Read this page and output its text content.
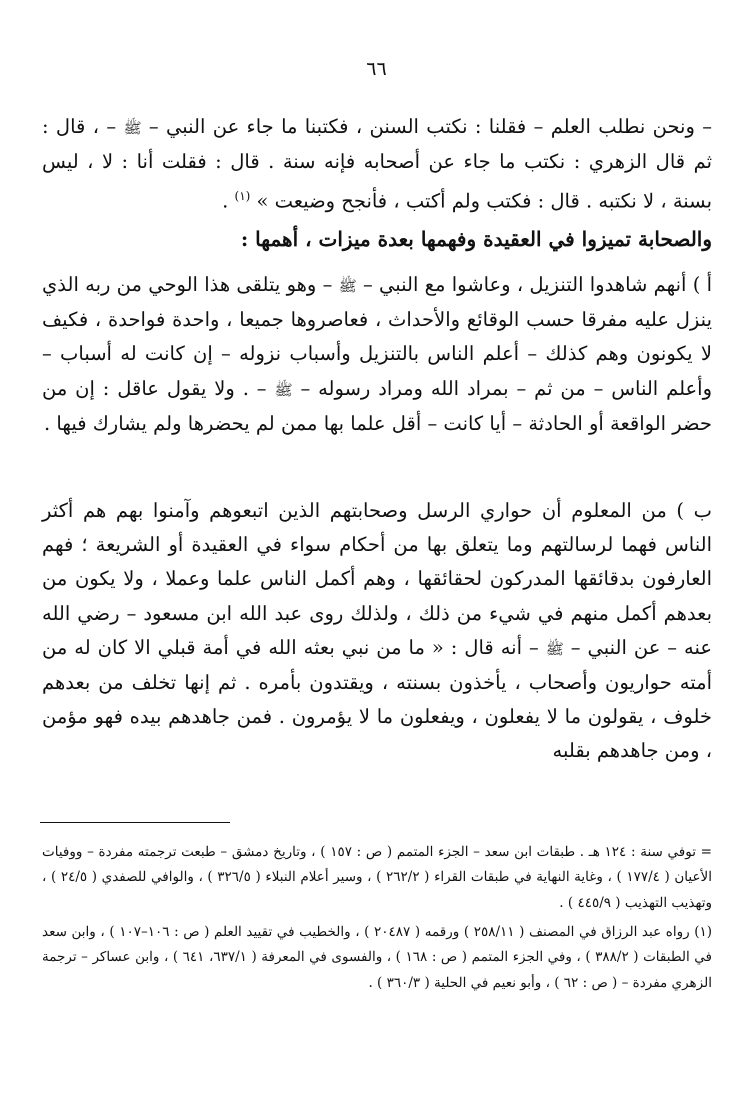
٦٦
– ونحن نطلب العلم – فقلنا : نكتب السنن ، فكتبنا ما جاء عن النبي – ﷺ – ، قال : ثم قال الزهري : نكتب ما جاء عن أصحابه فإنه سنة . قال : فقلت أنا : لا ، ليس بسنة ، لا نكتبه . قال : فكتب ولم أكتب ، فأنجح وضيعت » $^{(١)}$ .
والصحابة تميزوا في العقيدة وفهمها بعدة ميزات ، أهمها :
أ ) أنهم شاهدوا التنزيل ، وعاشوا مع النبي – ﷺ – وهو يتلقى هذا الوحي من ربه الذي ينزل عليه مفرقا حسب الوقائع والأحداث ، فعاصروها جميعا ، واحدة فواحدة ، فكيف لا يكونون وهم كذلك – أعلم الناس بالتنزيل وأسباب نزوله – إن كانت له أسباب – وأعلم الناس – من ثم – بمراد الله ومراد رسوله – ﷺ – . ولا يقول عاقل : إن من حضر الواقعة أو الحادثة – أيا كانت – أقل علما بها ممن لم يحضرها ولم يشارك فيها .
ب ) من المعلوم أن حواري الرسل وصحابتهم الذين اتبعوهم وآمنوا بهم هم أكثر الناس فهما لرسالتهم وما يتعلق بها من أحكام سواء في العقيدة أو الشريعة ؛ فهم العارفون بدقائقها المدركون لحقائقها ، وهم أكمل الناس علما وعملا ، ولا يكون من بعدهم أكمل منهم في شيء من ذلك ، ولذلك روى عبد الله ابن مسعود – رضي الله عنه – عن النبي – ﷺ – أنه قال : « ما من نبي بعثه الله في أمة قبلي الا كان له من أمته حواريون وأصحاب ، يأخذون بسنته ، ويقتدون بأمره . ثم إنها تخلف من بعدهم خلوف ، يقولون ما لا يفعلون ، ويفعلون ما لا يؤمرون . فمن جاهدهم بيده فهو مؤمن ، ومن جاهدهم بقلبه
= توفي سنة : ١٢٤ هـ . طبقات ابن سعد – الجزء المتمم ( ص : ١٥٧ ) ، وتاريخ دمشق – طبعت ترجمته مفردة – ووفيات الأعيان ( ١٧٧/٤ ) ، وغاية النهاية في طبقات القراء ( ٢٦٢/٢ ) ، وسير أعلام النبلاء ( ٣٢٦/٥ ) ، والوافي للصفدي ( ٢٤/٥ ) ، وتهذيب التهذيب ( ٤٤٥/٩ ) .
(١) رواه عبد الرزاق في المصنف ( ٢٥٨/١١ ) ورقمه ( ٢٠٤٨٧ ) ، والخطيب في تقييد العلم ( ص : ١٠٦–١٠٧ ) ، وابن سعد في الطبقات ( ٣٨٨/٢ ) ، وفي الجزء المتمم ( ص : ١٦٨ ) ، والفسوى في المعرفة ( ٦٣٧/١، ٦٤١ ) ، وابن عساكر – ترجمة الزهري مفردة – ( ص : ٦٢ ) ، وأبو نعيم في الحلية ( ٣٦٠/٣ ) .
